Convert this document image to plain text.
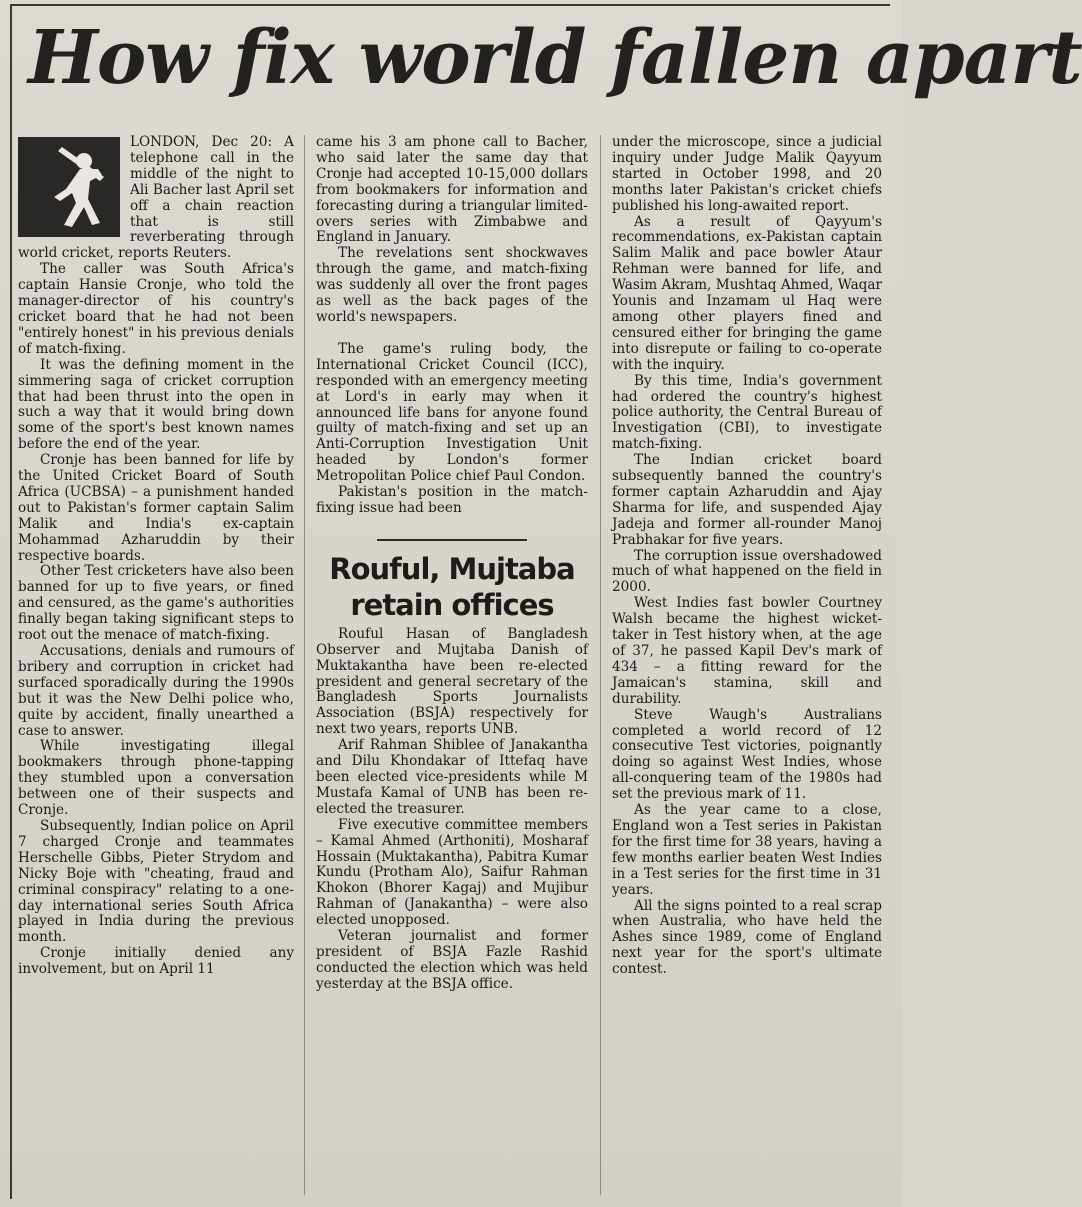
How fix world fallen apart

LONDON, Dec 20: A telephone call in the middle of the night to Ali Bacher last April set off a chain reaction that is still reverberating through world cricket, reports Reuters.

The caller was South Africa's captain Hansie Cronje, who told the manager-director of his country's cricket board that he had not been "entirely honest" in his previous denials of match-fixing.

It was the defining moment in the simmering saga of cricket corruption that had been thrust into the open in such a way that it would bring down some of the sport's best known names before the end of the year.

Cronje has been banned for life by the United Cricket Board of South Africa (UCBSA) – a punishment handed out to Pakistan's former captain Salim Malik and India's ex-captain Mohammad Azharuddin by their respective boards.

Other Test cricketers have also been banned for up to five years, or fined and censured, as the game's authorities finally began taking significant steps to root out the menace of match-fixing.

Accusations, denials and rumours of bribery and corruption in cricket had surfaced sporadically during the 1990s but it was the New Delhi police who, quite by accident, finally unearthed a case to answer.

While investigating illegal bookmakers through phone-tapping they stumbled upon a conversation between one of their suspects and Cronje.

Subsequently, Indian police on April 7 charged Cronje and teammates Herschelle Gibbs, Pieter Strydom and Nicky Boje with "cheating, fraud and criminal conspiracy" relating to a one-day international series South Africa played in India during the previous month.

Cronje initially denied any involvement, but on April 11

came his 3 am phone call to Bacher, who said later the same day that Cronje had accepted 10-15,000 dollars from bookmakers for information and forecasting during a triangular limited-overs series with Zimbabwe and England in January.

The revelations sent shockwaves through the game, and match-fixing was suddenly all over the front pages as well as the back pages of the world's newspapers.

The game's ruling body, the International Cricket Council (ICC), responded with an emergency meeting at Lord's in early may when it announced life bans for anyone found guilty of match-fixing and set up an Anti-Corruption Investigation Unit headed by London's former Metropolitan Police chief Paul Condon.

Pakistan's position in the match-fixing issue had been

Rouful, Mujtaba retain offices

Rouful Hasan of Bangladesh Observer and Mujtaba Danish of Muktakantha have been re-elected president and general secretary of the Bangladesh Sports Journalists Association (BSJA) respectively for next two years, reports UNB.

Arif Rahman Shiblee of Janakantha and Dilu Khondakar of Ittefaq have been elected vice-presidents while M Mustafa Kamal of UNB has been re-elected the treasurer.

Five executive committee members – Kamal Ahmed (Arthoniti), Mosharaf Hossain (Muktakantha), Pabitra Kumar Kundu (Protham Alo), Saifur Rahman Khokon (Bhorer Kagaj) and Mujibur Rahman of (Janakantha) – were also elected unopposed.

Veteran journalist and former president of BSJA Fazle Rashid conducted the election which was held yesterday at the BSJA office.

under the microscope, since a judicial inquiry under Judge Malik Qayyum started in October 1998, and 20 months later Pakistan's cricket chiefs published his long-awaited report.

As a result of Qayyum's recommendations, ex-Pakistan captain Salim Malik and pace bowler Ataur Rehman were banned for life, and Wasim Akram, Mushtaq Ahmed, Waqar Younis and Inzamam ul Haq were among other players fined and censured either for bringing the game into disrepute or failing to co-operate with the inquiry.

By this time, India's government had ordered the country's highest police authority, the Central Bureau of Investigation (CBI), to investigate match-fixing.

The Indian cricket board subsequently banned the country's former captain Azharuddin and Ajay Sharma for life, and suspended Ajay Jadeja and former all-rounder Manoj Prabhakar for five years.

The corruption issue overshadowed much of what happened on the field in 2000.

West Indies fast bowler Courtney Walsh became the highest wicket-taker in Test history when, at the age of 37, he passed Kapil Dev's mark of 434 – a fitting reward for the Jamaican's stamina, skill and durability.

Steve Waugh's Australians completed a world record of 12 consecutive Test victories, poignantly doing so against West Indies, whose all-conquering team of the 1980s had set the previous mark of 11.

As the year came to a close, England won a Test series in Pakistan for the first time for 38 years, having a few months earlier beaten West Indies in a Test series for the first time in 31 years.

All the signs pointed to a real scrap when Australia, who have held the Ashes since 1989, come of England next year for the sport's ultimate contest.
